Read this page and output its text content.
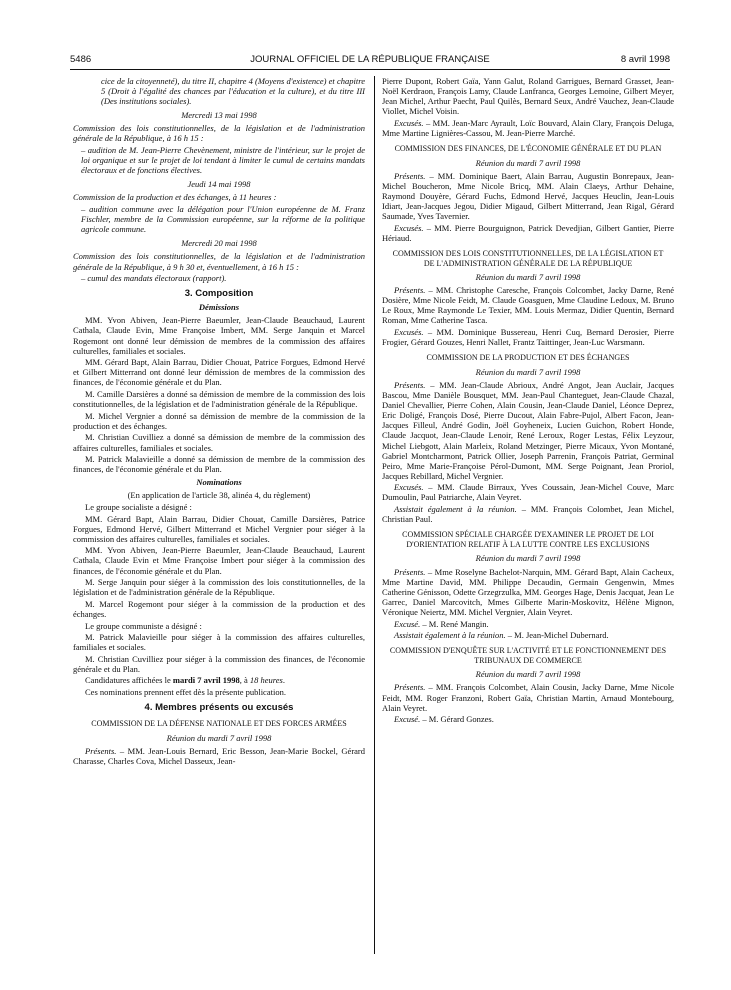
5486	JOURNAL OFFICIEL DE LA RÉPUBLIQUE FRANÇAISE	8 avril 1998

cice de la citoyenneté), du titre II, chapitre 4 (Moyens d'existence) et chapitre 5 (Droit à l'égalité des chances par l'éducation et la culture), et du titre III (Des institutions sociales).

Mercredi 13 mai 1998

Commission des lois constitutionnelles, de la législation et de l'administration générale de la République, à 16 h 15 :

– audition de M. Jean-Pierre Chevènement, ministre de l'intérieur, sur le projet de loi organique et sur le projet de loi tendant à limiter le cumul de certains mandats électoraux et de fonctions électives.

Jeudi 14 mai 1998

Commission de la production et des échanges, à 11 heures :

– audition commune avec la délégation pour l'Union européenne de M. Franz Fischler, membre de la Commission européenne, sur la réforme de la politique agricole commune.

Mercredi 20 mai 1998

Commission des lois constitutionnelles, de la législation et de l'administration générale de la République, à 9 h 30 et, éventuellement, à 16 h 15 :

– cumul des mandats électoraux (rapport).

3. Composition
Démissions

MM. Yvon Abiven, Jean-Pierre Baeumler, Jean-Claude Beauchaud, Laurent Cathala, Claude Evin, Mme Françoise Imbert, MM. Serge Janquin et Marcel Rogemont ont donné leur démission de membres de la commission des affaires culturelles, familiales et sociales.

MM. Gérard Bapt, Alain Barrau, Didier Chouat, Patrice Forgues, Edmond Hervé et Gilbert Mitterrand ont donné leur démission de membres de la commission des finances, de l'économie générale et du Plan.

M. Camille Darsières a donné sa démission de membre de la commission des lois constitutionnelles, de la législation et de l'administration générale de la République.

M. Michel Vergnier a donné sa démission de membre de la commission de la production et des échanges.

M. Christian Cuvilliez a donné sa démission de membre de la commission des affaires culturelles, familiales et sociales.

M. Patrick Malavieille a donné sa démission de membre de la commission des finances, de l'économie générale et du Plan.

Nominations

(En application de l'article 38, alinéa 4, du règlement)

Le groupe socialiste a désigné :

MM. Gérard Bapt, Alain Barrau, Didier Chouat, Camille Darsières, Patrice Forgues, Edmond Hervé, Gilbert Mitterrand et Michel Vergnier pour siéger à la commission des affaires culturelles, familiales et sociales.

MM. Yvon Abiven, Jean-Pierre Baeumler, Jean-Claude Beauchaud, Laurent Cathala, Claude Evin et Mme Françoise Imbert pour siéger à la commission des finances, de l'économie générale et du Plan.

M. Serge Janquin pour siéger à la commission des lois constitutionnelles, de la législation et de l'administration générale de la République.

M. Marcel Rogemont pour siéger à la commission de la production et des échanges.

Le groupe communiste a désigné :

M. Patrick Malavieille pour siéger à la commission des affaires culturelles, familiales et sociales.

M. Christian Cuvilliez pour siéger à la commission des finances, de l'économie générale et du Plan.

Candidatures affichées le mardi 7 avril 1998, à 18 heures.

Ces nominations prennent effet dès la présente publication.

4. Membres présents ou excusés
COMMISSION DE LA DÉFENSE NATIONALE ET DES FORCES ARMÉES
Réunion du mardi 7 avril 1998

Présents. – MM. Jean-Louis Bernard, Eric Besson, Jean-Marie Bockel, Gérard Charasse, Charles Cova, Michel Dasseux, Jean-

Pierre Dupont, Robert Gaïa, Yann Galut, Roland Garrigues, Bernard Grasset, Jean-Noël Kerdraon, François Lamy, Claude Lanfranca, Georges Lemoine, Gilbert Meyer, Jean Michel, Arthur Paecht, Paul Quilès, Bernard Seux, André Vauchez, Jean-Claude Viollet, Michel Voisin.

Excusés. – MM. Jean-Marc Ayrault, Loïc Bouvard, Alain Clary, François Deluga, Mme Martine Lignières-Cassou, M. Jean-Pierre Marché.

COMMISSION DES FINANCES, DE L'ÉCONOMIE GÉNÉRALE ET DU PLAN
Réunion du mardi 7 avril 1998

Présents. – MM. Dominique Baert, Alain Barrau, Augustin Bonrepaux, Jean-Michel Boucheron, Mme Nicole Bricq, MM. Alain Claeys, Arthur Dehaine, Raymond Douyère, Gérard Fuchs, Edmond Hervé, Jacques Heuclin, Jean-Louis Idiart, Jean-Jacques Jegou, Didier Migaud, Gilbert Mitterrand, Jean Rigal, Gérard Saumade, Yves Tavernier.

Excusés. – MM. Pierre Bourguignon, Patrick Devedjian, Gilbert Gantier, Pierre Hériaud.

COMMISSION DES LOIS CONSTITUTIONNELLES, DE LA LÉGISLATION ET DE L'ADMINISTRATION GÉNÉRALE DE LA RÉPUBLIQUE
Réunion du mardi 7 avril 1998

Présents. – MM. Christophe Caresche, François Colcombet, Jacky Darne, René Dosière, Mme Nicole Feidt, M. Claude Goasguen, Mme Claudine Ledoux, M. Bruno Le Roux, Mme Raymonde Le Texier, MM. Louis Mermaz, Didier Quentin, Bernard Roman, Mme Catherine Tasca.

Excusés. – MM. Dominique Bussereau, Henri Cuq, Bernard Derosier, Pierre Frogier, Gérard Gouzes, Henri Nallet, Frantz Taittinger, Jean-Luc Warsmann.

COMMISSION DE LA PRODUCTION ET DES ÉCHANGES
Réunion du mardi 7 avril 1998

Présents. – MM. Jean-Claude Abrioux, André Angot, Jean Auclair, Jacques Bascou, Mme Danièle Bousquet, MM. Jean-Paul Chanteguet, Jean-Claude Chazal, Daniel Chevallier, Pierre Cohen, Alain Cousin, Jean-Claude Daniel, Léonce Deprez, Eric Doligé, François Dosé, Pierre Ducout, Alain Fabre-Pujol, Albert Facon, Jean-Jacques Filleul, André Godin, Joël Goyheneix, Lucien Guichon, Robert Honde, Claude Jacquot, Jean-Claude Lenoir, René Leroux, Roger Lestas, Félix Leyzour, Michel Liebgott, Alain Marleix, Roland Metzinger, Pierre Micaux, Yvon Montané, Gabriel Montcharmont, Patrick Ollier, Joseph Parrenin, François Patriat, Germinal Peiro, Mme Marie-Françoise Pérol-Dumont, MM. Serge Poignant, Jean Proriol, Jacques Rebillard, Michel Vergnier.

Excusés. – MM. Claude Birraux, Yves Coussain, Jean-Michel Couve, Marc Dumoulin, Paul Patriarche, Alain Veyret.

Assistait également à la réunion. – MM. François Colombet, Jean Michel, Christian Paul.

COMMISSION SPÉCIALE CHARGÉE D'EXAMINER LE PROJET DE LOI D'ORIENTATION RELATIF À LA LUTTE CONTRE LES EXCLUSIONS
Réunion du mardi 7 avril 1998

Présents. – Mme Roselyne Bachelot-Narquin, MM. Gérard Bapt, Alain Cacheux, Mme Martine David, MM. Philippe Decaudin, Germain Gengenwin, Mmes Catherine Génisson, Odette Grzegrzulka, MM. Georges Hage, Denis Jacquat, Jean Le Garrec, Daniel Marcovitch, Mmes Gilberte Marin-Moskovitz, Hélène Mignon, Véronique Neiertz, MM. Michel Vergnier, Alain Veyret.

Excusé. – M. René Mangin.

Assistait également à la réunion. – M. Jean-Michel Dubernard.

COMMISSION D'ENQUÊTE SUR L'ACTIVITÉ ET LE FONCTIONNEMENT DES TRIBUNAUX DE COMMERCE
Réunion du mardi 7 avril 1998

Présents. – MM. François Colcombet, Alain Cousin, Jacky Darne, Mme Nicole Feidt, MM. Roger Franzoni, Robert Gaïa, Christian Martin, Arnaud Montebourg, Alain Veyret.

Excusé. – M. Gérard Gonzes.
